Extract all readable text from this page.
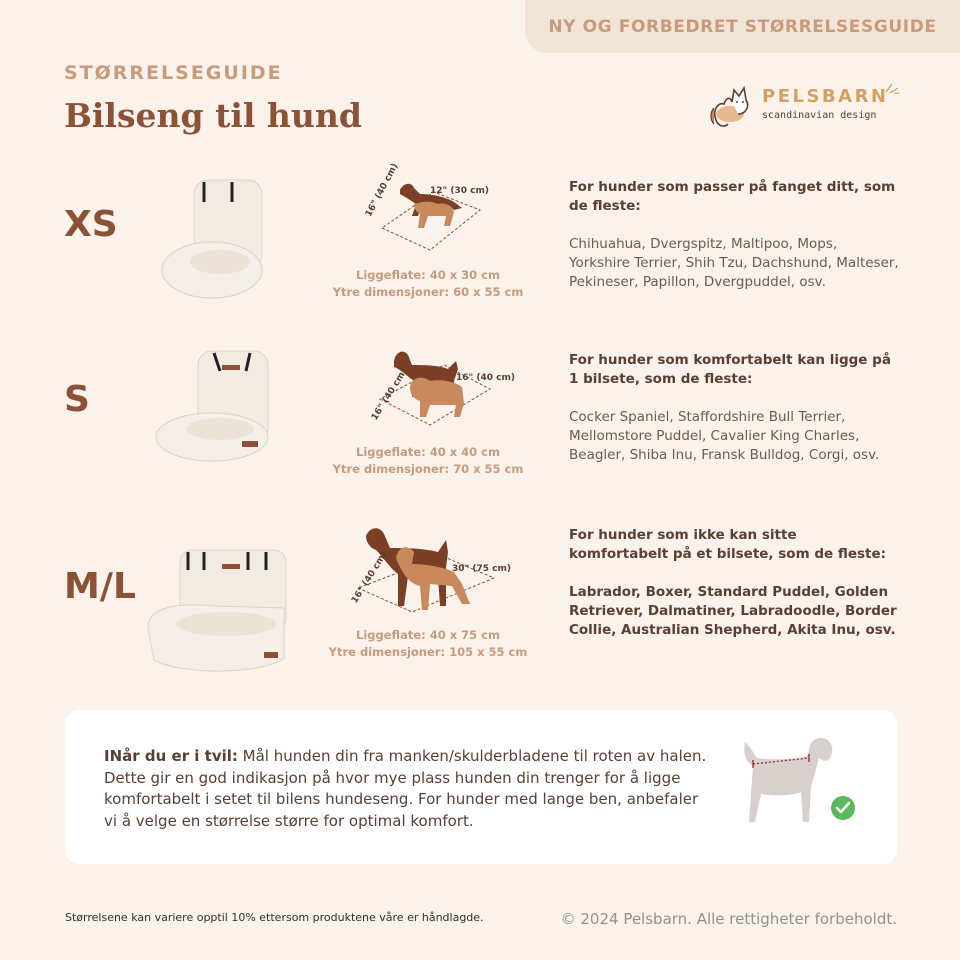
NY OG FORBEDRET STØRRELSESGUIDE
STØRRELSEGUIDE
Bilseng til hund	PELSBARN
scandinavian design
XS
12" (30 cm)
16" (40 cm)
Liggeflate: 40 x 30 cm
Ytre dimensjoner: 60 x 55 cm
For hunder som passer på fanget ditt, som de fleste:
Chihuahua, Dvergspitz, Maltipoo, Mops, Yorkshire Terrier, Shih Tzu, Dachshund, Malteser, Pekineser, Papillon, Dvergpuddel, osv.
S
16" (40 cm)
16" (40 cm)
Liggeflate: 40 x 40 cm
Ytre dimensjoner: 70 x 55 cm
For hunder som komfortabelt kan ligge på 1 bilsete, som de fleste:
Cocker Spaniel, Staffordshire Bull Terrier, Mellomstore Puddel, Cavalier King Charles, Beagler, Shiba Inu, Fransk Bulldog, Corgi, osv.
M/L	30" (75 cm)
16" (40 cm)
Liggeflate: 40 x 75 cm
Ytre dimensjoner: 105 x 55 cm
For hunder som ikke kan sitte komfortabelt på et bilsete, som de fleste:
Labrador, Boxer, Standard Puddel, Golden Retriever, Dalmatiner, Labradoodle, Border Collie, Australian Shepherd, Akita Inu, osv.
INår du er i tvil: Mål hunden din fra manken/skulderbladene til roten av halen. Dette gir en god indikasjon på hvor mye plass hunden din trenger for å ligge komfortabelt i setet til bilens hundeseng. For hunder med lange ben, anbefaler vi å velge en størrelse større for optimal komfort.
Størrelsene kan variere opptil 10% ettersom produktene våre er håndlagde.	© 2024 Pelsbarn. Alle rettigheter forbeholdt.
